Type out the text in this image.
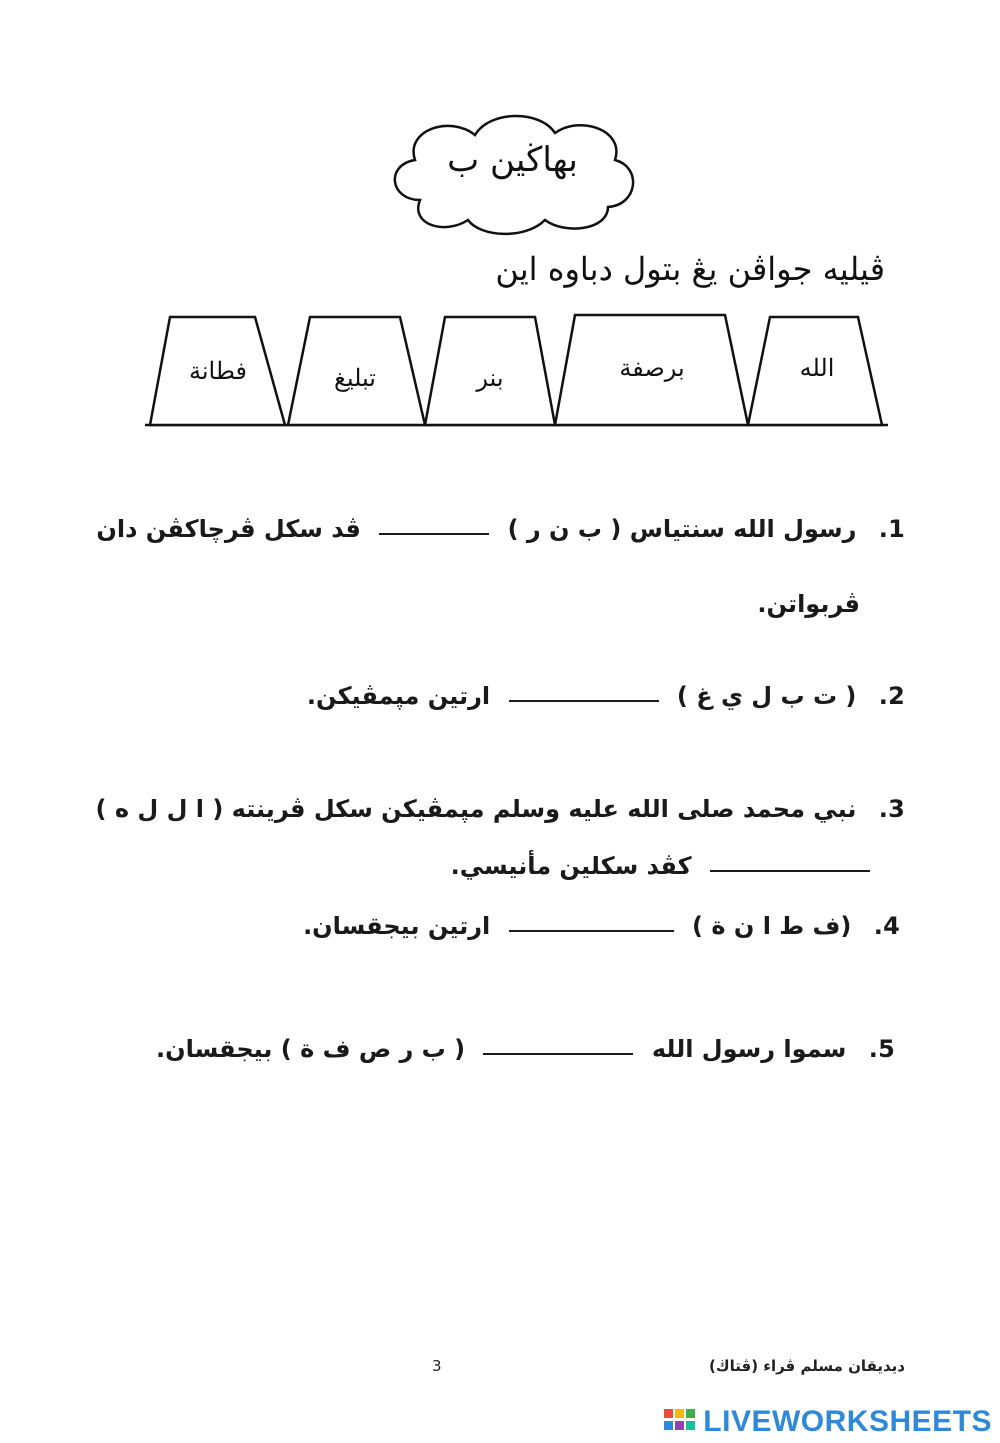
بهاڬين ب
ڤيليه جواڤن يڠ بتول دباوه اين
الله
برصفة
بنر
تبليغ
فطانة
1. رسول الله سنتياس ( ب ن ر )  ڤد سکل ڤرچاکڤن دان
ڤربواتن.
2. ( ت ب ل ي غ )  ارتين مپمڤيکن.
3. نبي محمد صلى الله عليه وسلم مپمڤيکن سکل ڤرينته ( ا ل ل ه )
کڤد سکلين مأنيسي.
4. (ف ط ا ن ة )  ارتين بيجقسان.
5. سموا رسول الله  ( ب ر ص ف ة ) بيجقسان.
ديديقان مسلم ڤراء (ڤتاڬ)
3
LIVEWORKSHEETS
